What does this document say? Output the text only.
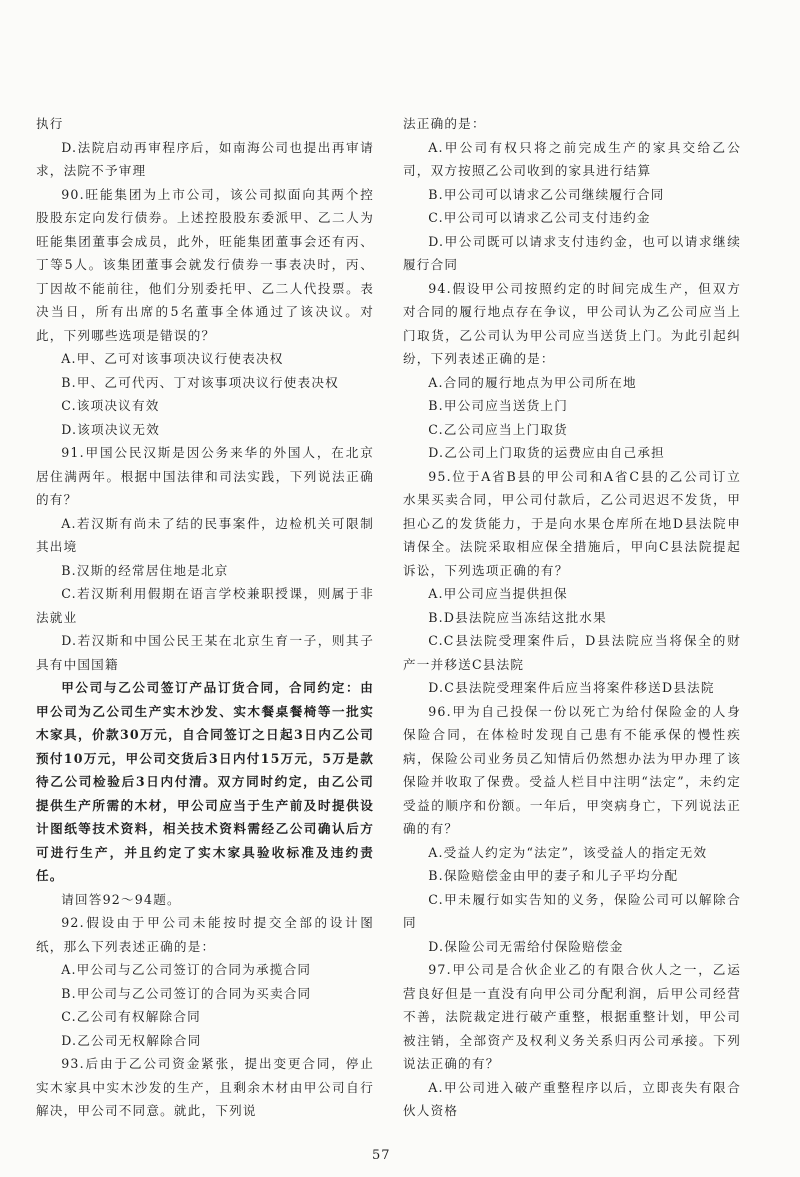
执行

D.法院启动再审程序后，如南海公司也提出再审请求，法院不予审理

90.旺能集团为上市公司，该公司拟面向其两个控股股东定向发行债券。上述控股股东委派甲、乙二人为旺能集团董事会成员，此外，旺能集团董事会还有丙、丁等5人。该集团董事会就发行债券一事表决时，丙、丁因故不能前往，他们分别委托甲、乙二人代投票。表决当日，所有出席的5名董事全体通过了该决议。对此，下列哪些选项是错误的？

A.甲、乙可对该事项决议行使表决权

B.甲、乙可代丙、丁对该事项决议行使表决权

C.该项决议有效

D.该项决议无效

91.甲国公民汉斯是因公务来华的外国人，在北京居住满两年。根据中国法律和司法实践，下列说法正确的有？

A.若汉斯有尚未了结的民事案件，边检机关可限制其出境

B.汉斯的经常居住地是北京

C.若汉斯利用假期在语言学校兼职授课，则属于非法就业

D.若汉斯和中国公民王某在北京生育一子，则其子具有中国国籍

甲公司与乙公司签订产品订货合同，合同约定：由甲公司为乙公司生产实木沙发、实木餐桌餐椅等一批实木家具，价款30万元，自合同签订之日起3日内乙公司预付10万元，甲公司交货后3日内付15万元，5万是款待乙公司检验后3日内付清。双方同时约定，由乙公司提供生产所需的木材，甲公司应当于生产前及时提供设计图纸等技术资料，相关技术资料需经乙公司确认后方可进行生产，并且约定了实木家具验收标准及违约责任。

请回答92～94题。

92.假设由于甲公司未能按时提交全部的设计图纸，那么下列表述正确的是：

A.甲公司与乙公司签订的合同为承揽合同

B.甲公司与乙公司签订的合同为买卖合同

C.乙公司有权解除合同

D.乙公司无权解除合同

93.后由于乙公司资金紧张，提出变更合同，停止实木家具中实木沙发的生产，且剩余木材由甲公司自行解决，甲公司不同意。就此，下列说

法正确的是：

A.甲公司有权只将之前完成生产的家具交给乙公司，双方按照乙公司收到的家具进行结算

B.甲公司可以请求乙公司继续履行合同

C.甲公司可以请求乙公司支付违约金

D.甲公司既可以请求支付违约金，也可以请求继续履行合同

94.假设甲公司按照约定的时间完成生产，但双方对合同的履行地点存在争议，甲公司认为乙公司应当上门取货，乙公司认为甲公司应当送货上门。为此引起纠纷，下列表述正确的是：

A.合同的履行地点为甲公司所在地

B.甲公司应当送货上门

C.乙公司应当上门取货

D.乙公司上门取货的运费应由自己承担

95.位于A省B县的甲公司和A省C县的乙公司订立水果买卖合同，甲公司付款后，乙公司迟迟不发货，甲担心乙的发货能力，于是向水果仓库所在地D县法院申请保全。法院采取相应保全措施后，甲向C县法院提起诉讼，下列选项正确的有？

A.甲公司应当提供担保

B.D县法院应当冻结这批水果

C.C县法院受理案件后，D县法院应当将保全的财产一并移送C县法院

D.C县法院受理案件后应当将案件移送D县法院

96.甲为自己投保一份以死亡为给付保险金的人身保险合同，在体检时发现自己患有不能承保的慢性疾病，保险公司业务员乙知情后仍然想办法为甲办理了该保险并收取了保费。受益人栏目中注明“法定”，未约定受益的顺序和份额。一年后，甲突病身亡，下列说法正确的有？

A.受益人约定为“法定”，该受益人的指定无效

B.保险赔偿金由甲的妻子和儿子平均分配

C.甲未履行如实告知的义务，保险公司可以解除合同

D.保险公司无需给付保险赔偿金

97.甲公司是合伙企业乙的有限合伙人之一，乙运营良好但是一直没有向甲公司分配利润，后甲公司经营不善，法院裁定进行破产重整，根据重整计划，甲公司被注销，全部资产及权利义务关系归丙公司承接。下列说法正确的有？

A.甲公司进入破产重整程序以后，立即丧失有限合伙人资格

57
